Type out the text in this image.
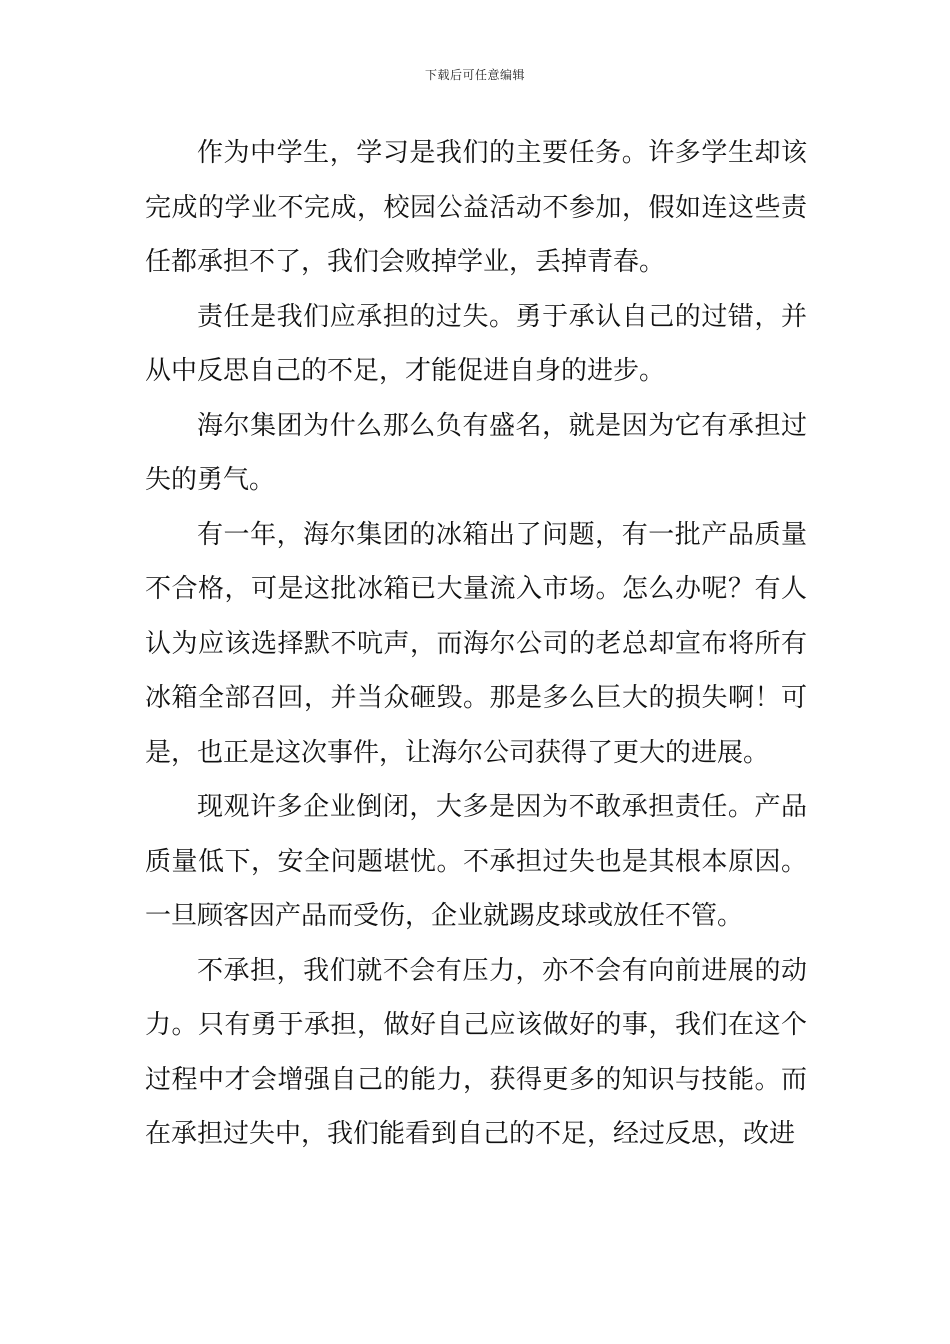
下载后可任意编辑

作为中学生，学习是我们的主要任务。许多学生却该完成的学业不完成，校园公益活动不参加，假如连这些责任都承担不了，我们会败掉学业，丢掉青春。

责任是我们应承担的过失。勇于承认自己的过错，并从中反思自己的不足，才能促进自身的进步。

海尔集团为什么那么负有盛名，就是因为它有承担过失的勇气。

有一年，海尔集团的冰箱出了问题，有一批产品质量不合格，可是这批冰箱已大量流入市场。怎么办呢？有人认为应该选择默不吭声，而海尔公司的老总却宣布将所有冰箱全部召回，并当众砸毁。那是多么巨大的损失啊！可是，也正是这次事件，让海尔公司获得了更大的进展。

现观许多企业倒闭，大多是因为不敢承担责任。产品质量低下，安全问题堪忧。不承担过失也是其根本原因。一旦顾客因产品而受伤，企业就踢皮球或放任不管。

不承担，我们就不会有压力，亦不会有向前进展的动力。只有勇于承担，做好自己应该做好的事，我们在这个过程中才会增强自己的能力，获得更多的知识与技能。而在承担过失中，我们能看到自己的不足，经过反思，改进
